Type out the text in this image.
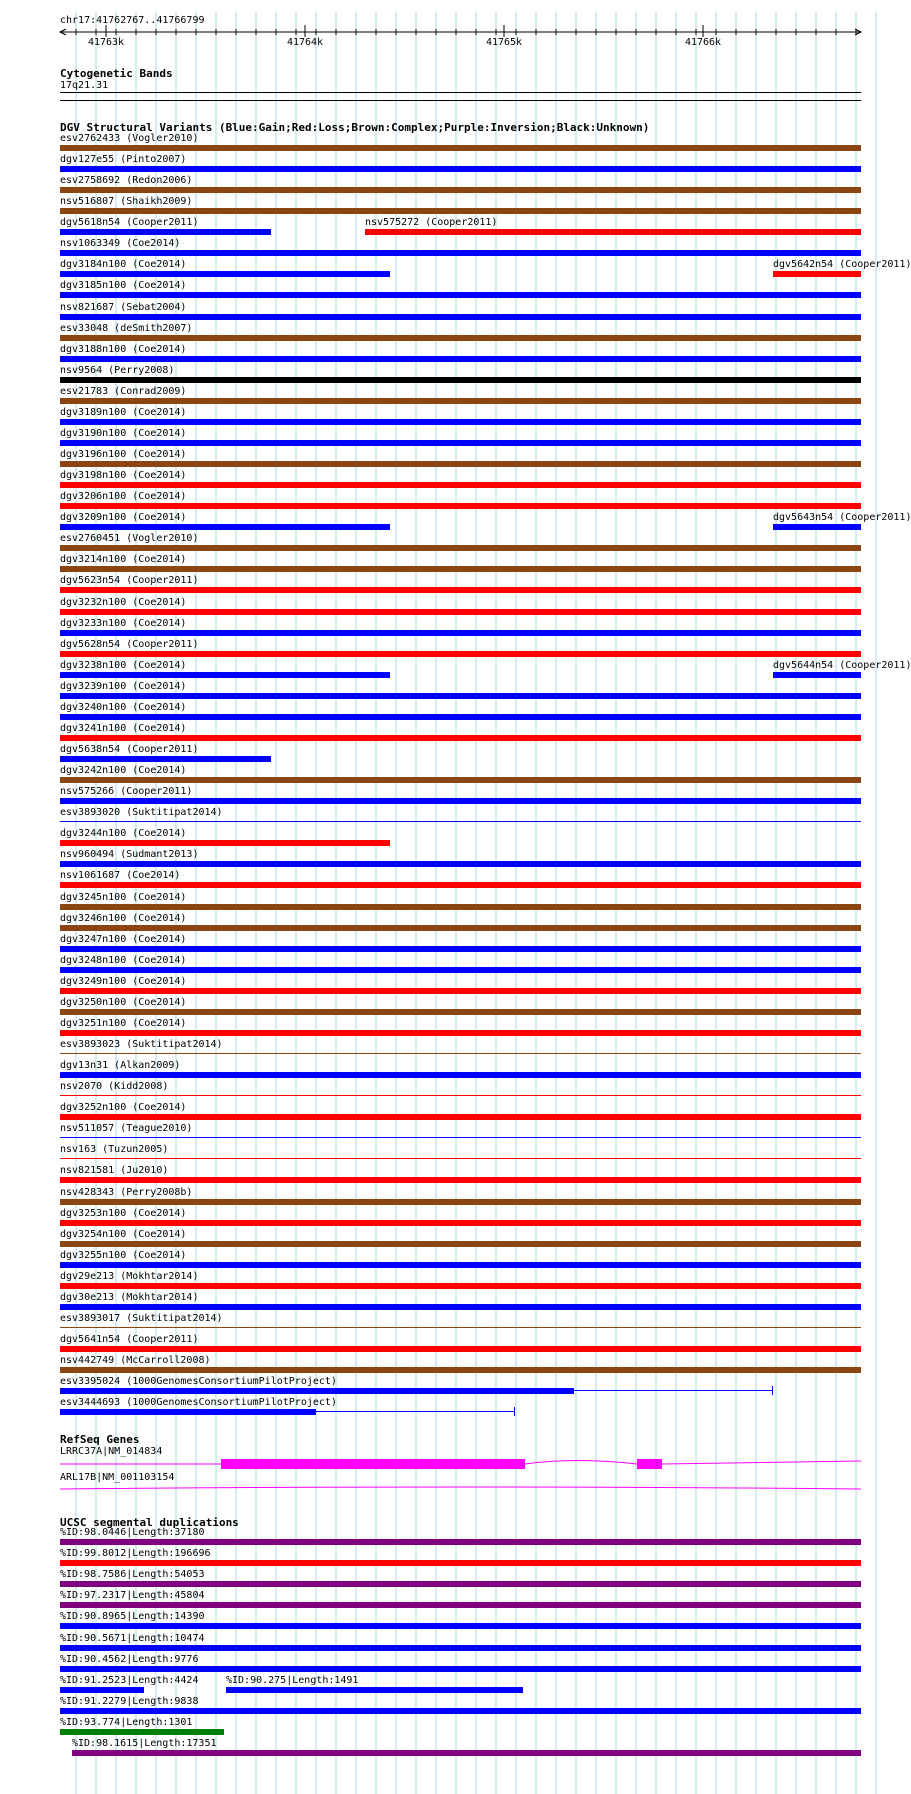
chr17:41762767..41766799
41763k	41764k	41765k	41766k
Cytogenetic Bands
17q21.31
DGV Structural Variants (Blue:Gain;Red:Loss;Brown:Complex;Purple:Inversion;Black:Unknown)
esv2762433 (Vogler2010)
dgv127e55 (Pinto2007)
esv2758692 (Redon2006)
nsv516807 (Shaikh2009)
dgv5618n54 (Cooper2011)	nsv575272 (Cooper2011)
nsv1063349 (Coe2014)
dgv3184n100 (Coe2014)	dgv5642n54 (Cooper2011)
dgv3185n100 (Coe2014)
nsv821687 (Sebat2004)
esv33048 (deSmith2007)
dgv3188n100 (Coe2014)
nsv9564 (Perry2008)
esv21783 (Conrad2009)
dgv3189n100 (Coe2014)
dgv3190n100 (Coe2014)
dgv3196n100 (Coe2014)
dgv3198n100 (Coe2014)
dgv3206n100 (Coe2014)
dgv3209n100 (Coe2014)	dgv5643n54 (Cooper2011)
esv2760451 (Vogler2010)
dgv3214n100 (Coe2014)
dgv5623n54 (Cooper2011)
dgv3232n100 (Coe2014)
dgv3233n100 (Coe2014)
dgv5628n54 (Cooper2011)
dgv3238n100 (Coe2014)	dgv5644n54 (Cooper2011)
dgv3239n100 (Coe2014)
dgv3240n100 (Coe2014)
dgv3241n100 (Coe2014)
dgv5638n54 (Cooper2011)
dgv3242n100 (Coe2014)
nsv575266 (Cooper2011)
esv3893020 (Suktitipat2014)
dgv3244n100 (Coe2014)
nsv960494 (Sudmant2013)
nsv1061687 (Coe2014)
dgv3245n100 (Coe2014)
dgv3246n100 (Coe2014)
dgv3247n100 (Coe2014)
dgv3248n100 (Coe2014)
dgv3249n100 (Coe2014)
dgv3250n100 (Coe2014)
dgv3251n100 (Coe2014)
esv3893023 (Suktitipat2014)
dgv13n31 (Alkan2009)
nsv2070 (Kidd2008)
dgv3252n100 (Coe2014)
nsv511057 (Teague2010)
nsv163 (Tuzun2005)
nsv821581 (Ju2010)
nsv428343 (Perry2008b)
dgv3253n100 (Coe2014)
dgv3254n100 (Coe2014)
dgv3255n100 (Coe2014)
dgv29e213 (Mokhtar2014)
dgv30e213 (Mokhtar2014)
esv3893017 (Suktitipat2014)
dgv5641n54 (Cooper2011)
nsv442749 (McCarroll2008)
esv3395024 (1000GenomesConsortiumPilotProject)
esv3444693 (1000GenomesConsortiumPilotProject)
RefSeq Genes
LRRC37A|NM_014834
ARL17B|NM_001103154
UCSC segmental duplications
%ID:98.0446|Length:37180
%ID:99.8012|Length:196696
%ID:98.7586|Length:54053
%ID:97.2317|Length:45804
%ID:90.8965|Length:14390
%ID:90.5671|Length:10474
%ID:90.4562|Length:9776
%ID:91.2523|Length:4424	%ID:90.275|Length:1491
%ID:91.2279|Length:9838
%ID:93.774|Length:1301
%ID:98.1615|Length:17351
